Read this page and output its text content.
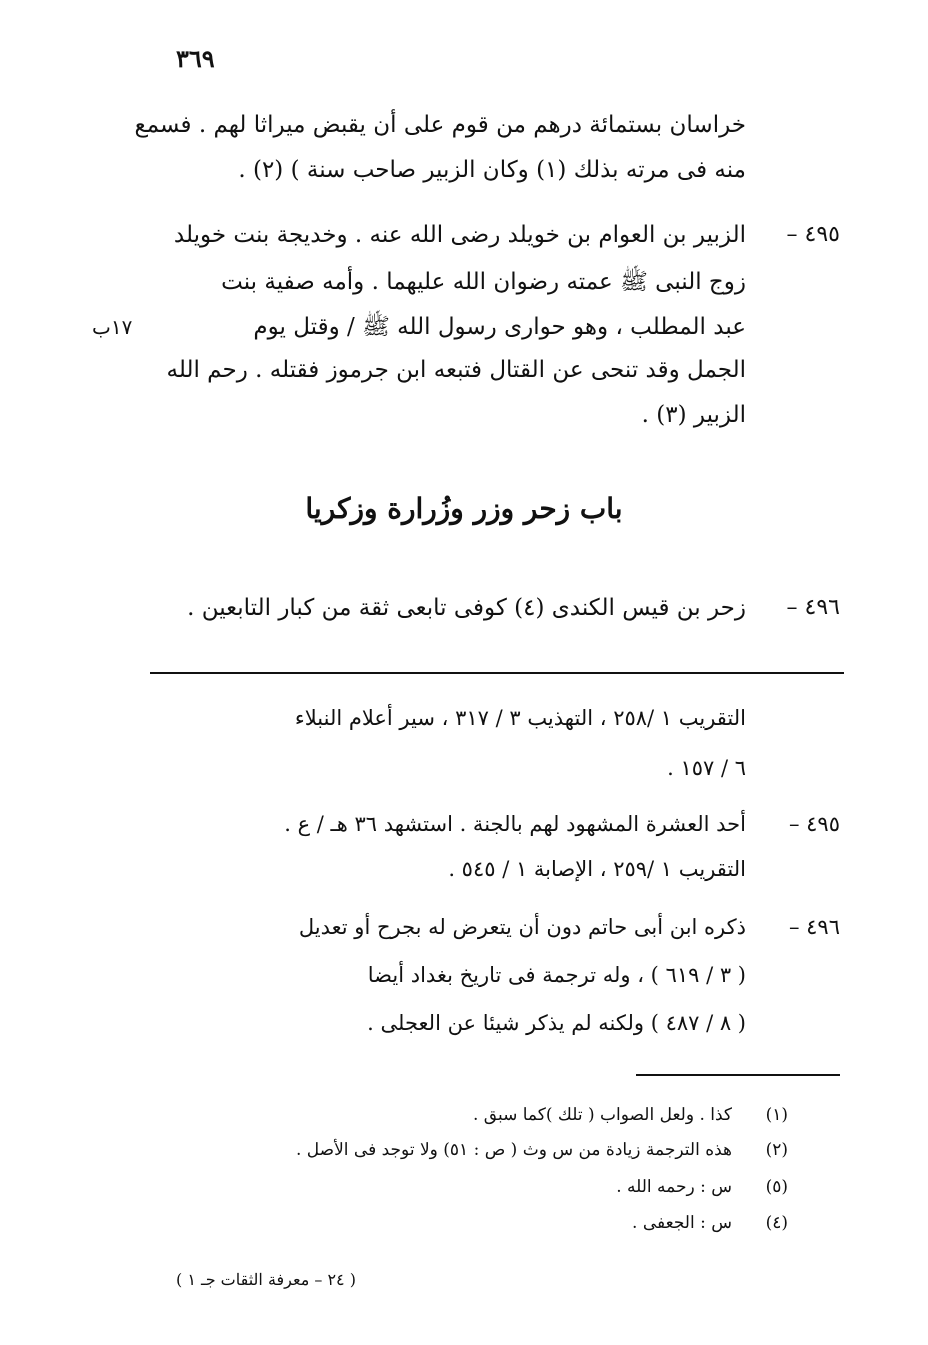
٣٦٩
خراسان بستمائة درهم من قوم على أن يقبض ميراثا لهم . فسمع
منه فى مرته بذلك (١) وكان الزبير صاحب سنة ) (٢) .
٤٩٥ –
الزبير بن العوام بن خويلد رضى الله عنه . وخديجة بنت خويلد
زوج النبى ﷺ عمته رضوان الله عليهما . وأمه صفية بنت
عبد المطلب ، وهو حوارى رسول الله ﷺ / وقتل يوم
١٧ب
الجمل وقد تنحى عن القتال فتبعه ابن جرموز فقتله . رحم الله
الزبير (٣) .
باب زحر وزر وزُرارة وزكريا
٤٩٦ –
زحر بن قيس الكندى (٤) كوفى تابعى ثقة من كبار التابعين .
التقريب ١ /٢٥٨ ، التهذيب ٣ / ٣١٧ ، سير أعلام النبلاء
٦ / ١٥٧ .
٤٩٥ –
أحد العشرة المشهود لهم بالجنة . استشهد ٣٦ هـ / ع .
التقريب ١ /٢٥٩ ، الإصابة ١ / ٥٤٥ .
٤٩٦ –
ذكره ابن أبى حاتم دون أن يتعرض له بجرح أو تعديل
( ٣ / ٦١٩ ) ، وله ترجمة فى تاريخ بغداد أيضا
( ٨ / ٤٨٧ ) ولكنه لم يذكر شيئا عن العجلى .
(١)
كذا . ولعل الصواب ( تلك )كما سبق .
(٢)
هذه الترجمة زيادة من س وث ( ص : ٥١) ولا توجد فى الأصل .
(٥)
س : رحمه الله .
(٤)
س : الجعفى .
( ٢٤ – معرفة الثقات جـ ١ )
